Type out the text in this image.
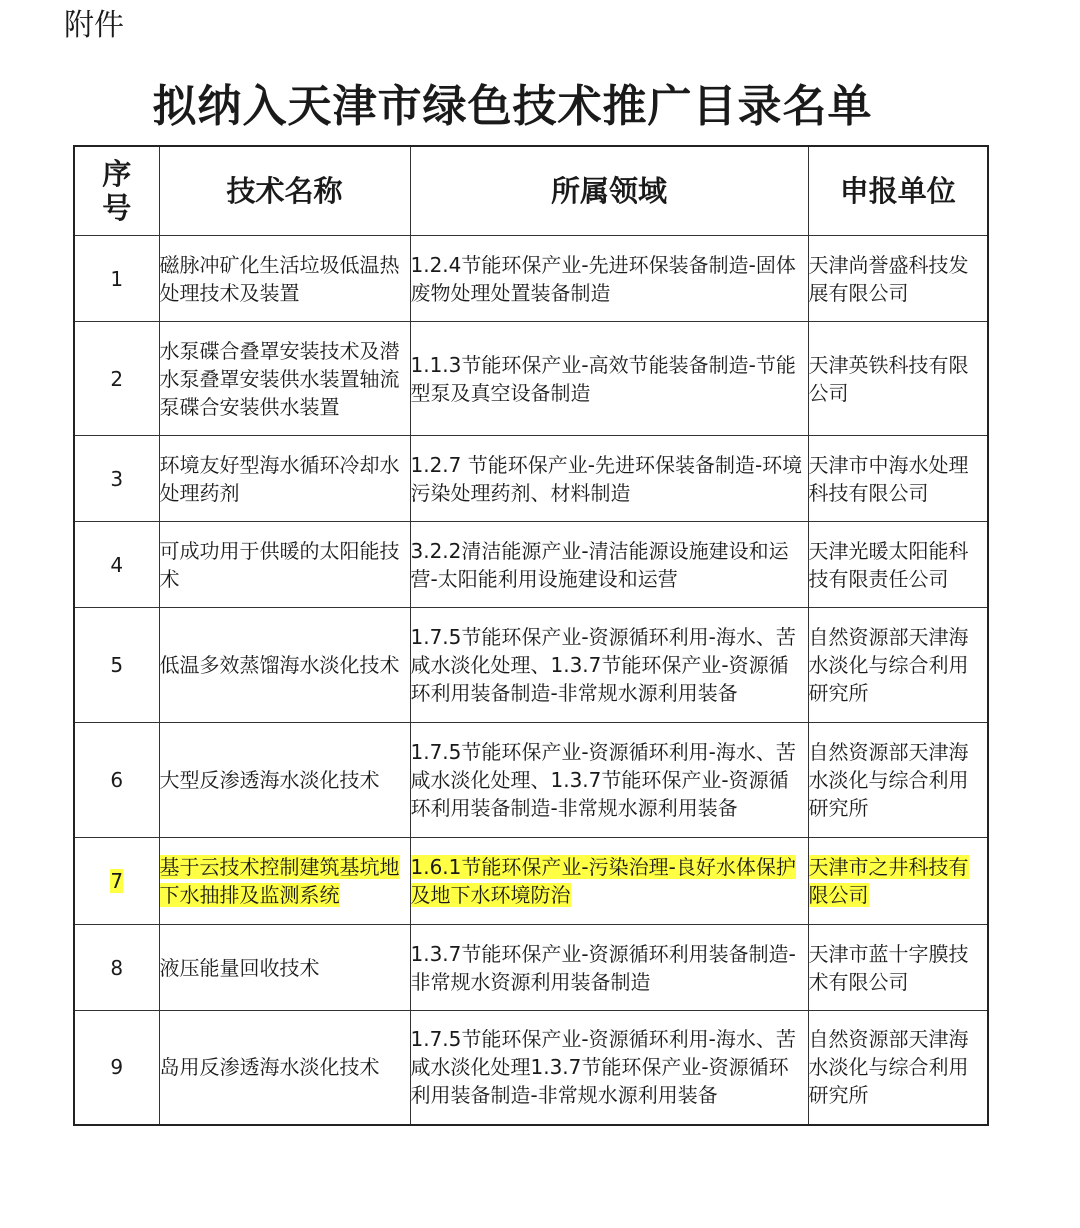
附件
拟纳入天津市绿色技术推广目录名单
序号	技术名称	所属领域	申报单位
1	磁脉冲矿化生活垃圾低温热处理技术及装置	1.2.4节能环保产业-先进环保装备制造-固体废物处理处置装备制造	天津尚誉盛科技发展有限公司
2	水泵碟合叠罩安装技术及潜水泵叠罩安装供水装置轴流泵碟合安装供水装置	1.1.3节能环保产业-高效节能装备制造-节能型泵及真空设备制造	天津英铁科技有限公司
3	环境友好型海水循环冷却水处理药剂	1.2.7 节能环保产业-先进环保装备制造-环境污染处理药剂、材料制造	天津市中海水处理科技有限公司
4	可成功用于供暖的太阳能技术	3.2.2清洁能源产业-清洁能源设施建设和运营-太阳能利用设施建设和运营	天津光暖太阳能科技有限责任公司
5	低温多效蒸馏海水淡化技术	1.7.5节能环保产业-资源循环利用-海水、苦咸水淡化处理、1.3.7节能环保产业-资源循环利用装备制造-非常规水源利用装备	自然资源部天津海水淡化与综合利用研究所
6	大型反渗透海水淡化技术	1.7.5节能环保产业-资源循环利用-海水、苦咸水淡化处理、1.3.7节能环保产业-资源循环利用装备制造-非常规水源利用装备	自然资源部天津海水淡化与综合利用研究所
7	基于云技术控制建筑基坑地下水抽排及监测系统	1.6.1节能环保产业-污染治理-良好水体保护及地下水环境防治	天津市之井科技有限公司
8	液压能量回收技术	1.3.7节能环保产业-资源循环利用装备制造-非常规水资源利用装备制造	天津市蓝十字膜技术有限公司
9	岛用反渗透海水淡化技术	1.7.5节能环保产业-资源循环利用-海水、苦咸水淡化处理1.3.7节能环保产业-资源循环利用装备制造-非常规水源利用装备	自然资源部天津海水淡化与综合利用研究所
